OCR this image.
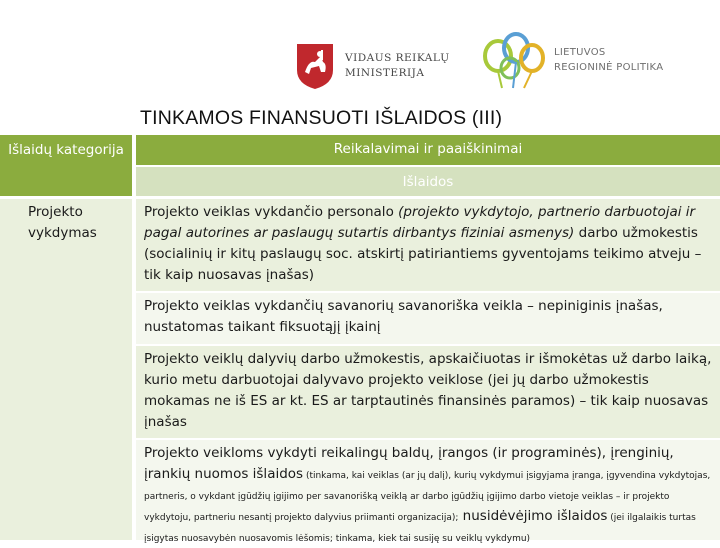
VIDAUS REIKALŲ
MINISTERIJA
LIETUVOS
REGIONINĖ POLITIKA
TINKAMOS FINANSUOTI IŠLAIDOS (III)
Išlaidų kategorija	Reikalavimai ir paaiškinimai
Išlaidos
Projekto vykdymas
Projekto veiklas vykdančio personalo (projekto vykdytojo, partnerio darbuotojai ir pagal autorines ar paslaugų sutartis dirbantys fiziniai asmenys) darbo užmokestis (socialinių ir kitų paslaugų soc. atskirtį patiriantiems gyventojams teikimo atveju – tik kaip nuosavas įnašas)
Projekto veiklas vykdančių savanorių savanoriška veikla – nepiniginis įnašas, nustatomas taikant fiksuotąjį įkainį
Projekto veiklų dalyvių darbo užmokestis, apskaičiuotas ir išmokėtas už darbo laiką, kurio metu darbuotojai dalyvavo projekto veiklose (jei jų darbo užmokestis mokamas ne iš ES ar kt. ES ar tarptautinės finansinės paramos) – tik kaip nuosavas įnašas
Projekto veikloms vykdyti reikalingų baldų, įrangos (ir programinės), įrenginių, įrankių nuomos išlaidos (tinkama, kai veiklas (ar jų dalį), kurių vykdymui įsigyjama įranga, įgyvendina vykdytojas, partneris, o vykdant įgūdžių įgijimo per savanorišką veiklą ar darbo įgūdžių įgijimo darbo vietoje veiklas – ir projekto vykdytoju, partneriu nesantį projekto dalyvius priimanti organizacija); nusidėvėjimo išlaidos (jei ilgalaikis turtas įsigytas nuosavybėn nuosavomis lėšomis; tinkama, kiek tai susiję su veiklų vykdymu)
